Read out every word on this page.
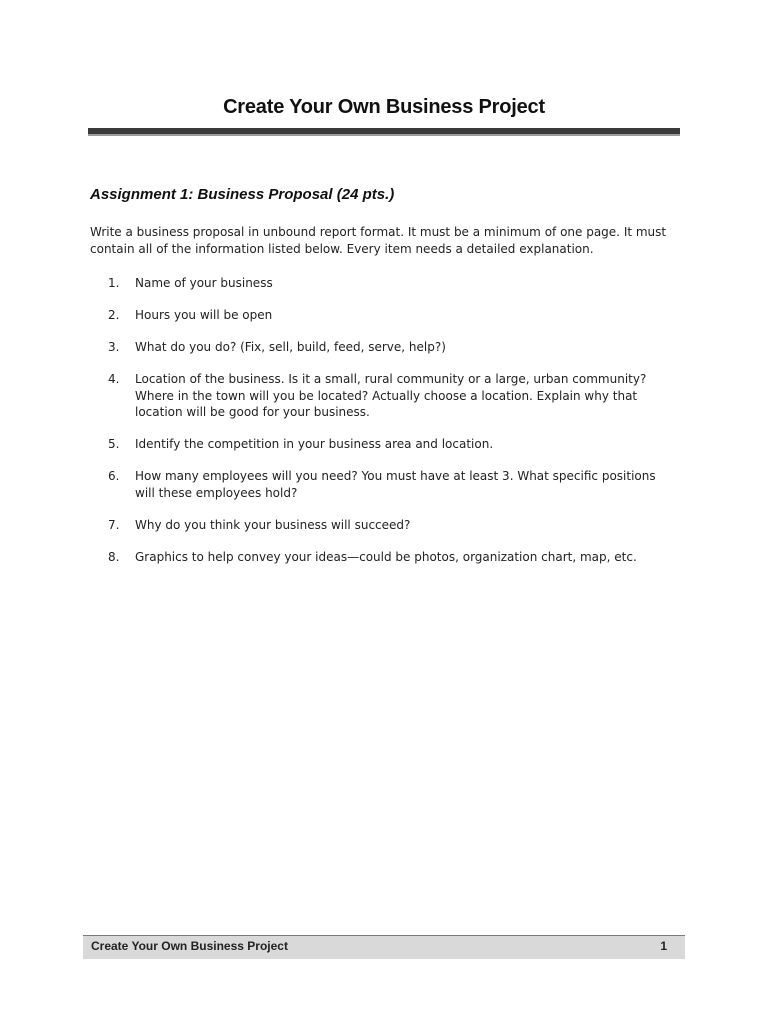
Create Your Own Business Project
Assignment 1: Business Proposal (24 pts.)
Write a business proposal in unbound report format. It must be a minimum of one page. It must contain all of the information listed below. Every item needs a detailed explanation.
1.	Name of your business
2.	Hours you will be open
3.	What do you do? (Fix, sell, build, feed, serve, help?)
4.	Location of the business. Is it a small, rural community or a large, urban community? Where in the town will you be located? Actually choose a location. Explain why that location will be good for your business.
5.	Identify the competition in your business area and location.
6.	How many employees will you need? You must have at least 3. What specific positions will these employees hold?
7.	Why do you think your business will succeed?
8.	Graphics to help convey your ideas—could be photos, organization chart, map, etc.
Create Your Own Business Project	1
